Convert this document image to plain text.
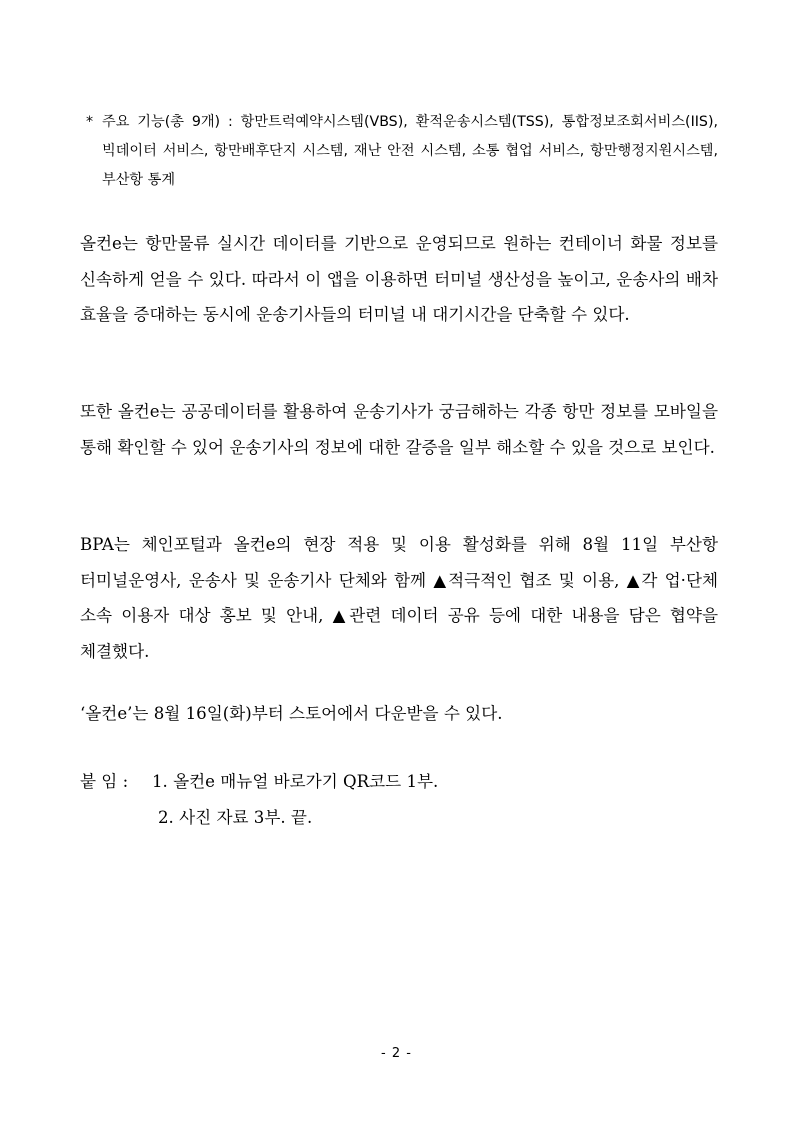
* 주요 기능(총 9개) : 항만트럭예약시스템(VBS), 환적운송시스템(TSS), 통합정보조회서비스(IIS), 빅데이터 서비스, 항만배후단지 시스템, 재난 안전 시스템, 소통 협업 서비스, 항만행정지원시스템, 부산항 통계

올컨e는 항만물류 실시간 데이터를 기반으로 운영되므로 원하는 컨테이너 화물 정보를 신속하게 얻을 수 있다. 따라서 이 앱을 이용하면 터미널 생산성을 높이고, 운송사의 배차 효율을 증대하는 동시에 운송기사들의 터미널 내 대기시간을 단축할 수 있다.

또한 올컨e는 공공데이터를 활용하여 운송기사가 궁금해하는 각종 항만 정보를 모바일을 통해 확인할 수 있어 운송기사의 정보에 대한 갈증을 일부 해소할 수 있을 것으로 보인다.

BPA는 체인포털과 올컨e의 현장 적용 및 이용 활성화를 위해 8월 11일 부산항 터미널운영사, 운송사 및 운송기사 단체와 함께 ▲적극적인 협조 및 이용, ▲각 업·단체 소속 이용자 대상 홍보 및 안내, ▲관련 데이터 공유 등에 대한 내용을 담은 협약을 체결했다.

‘올컨e’는 8월 16일(화)부터 스토어에서 다운받을 수 있다.

붙 임 : 1. 올컨e 매뉴얼 바로가기 QR코드 1부.
2. 사진 자료 3부. 끝.
- 2 -
